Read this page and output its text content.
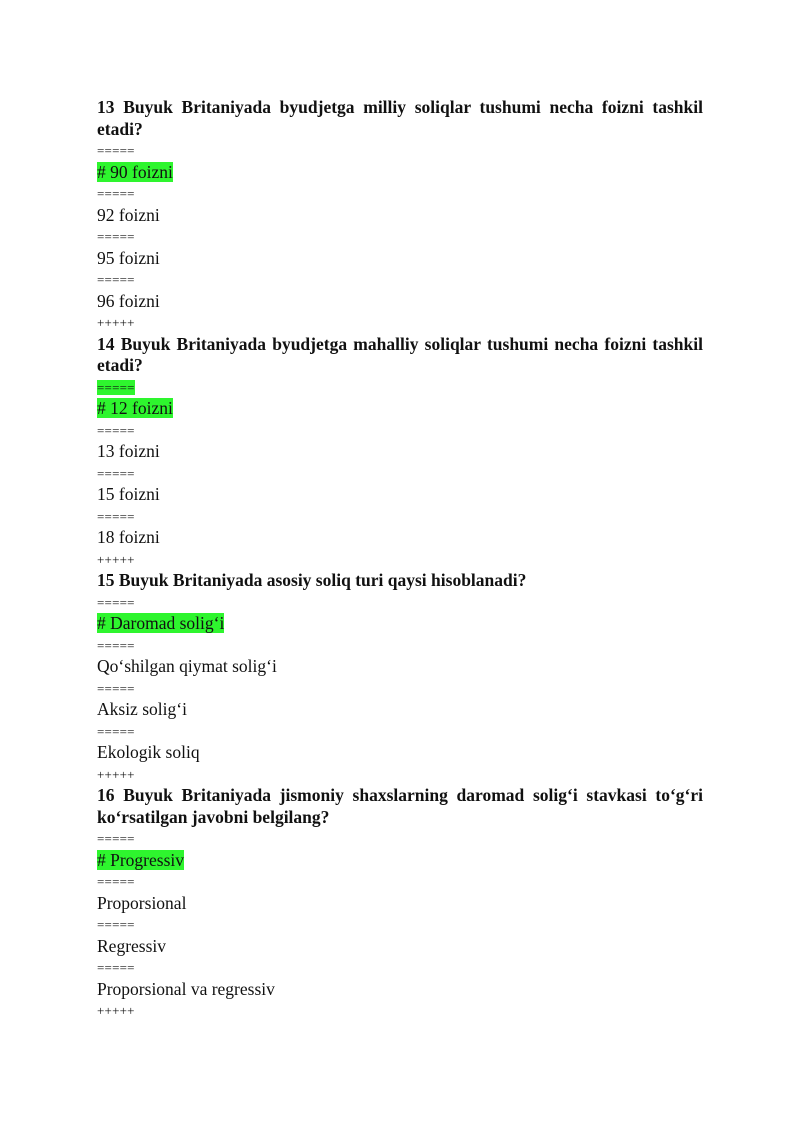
13 Buyuk Britaniyada byudjetga milliy soliqlar tushumi necha foizni tashkil etadi?

=====
# 90 foizni
=====
92 foizni
=====
95 foizni
=====
96 foizni
+++++

14 Buyuk Britaniyada byudjetga mahalliy soliqlar tushumi necha foizni tashkil etadi?

=====
# 12 foizni
=====
13 foizni
=====
15 foizni
=====
18 foizni
+++++

15 Buyuk Britaniyada asosiy soliq turi qaysi hisoblanadi?

=====
# Daromad solig‘i
=====
Qo‘shilgan qiymat solig‘i
=====
Aksiz solig‘i
=====
Ekologik soliq
+++++

16 Buyuk Britaniyada jismoniy shaxslarning daromad solig‘i stavkasi to‘g‘ri ko‘rsatilgan javobni belgilang?

=====
# Progressiv
=====
Proporsional
=====
Regressiv
=====
Proporsional va regressiv
+++++
